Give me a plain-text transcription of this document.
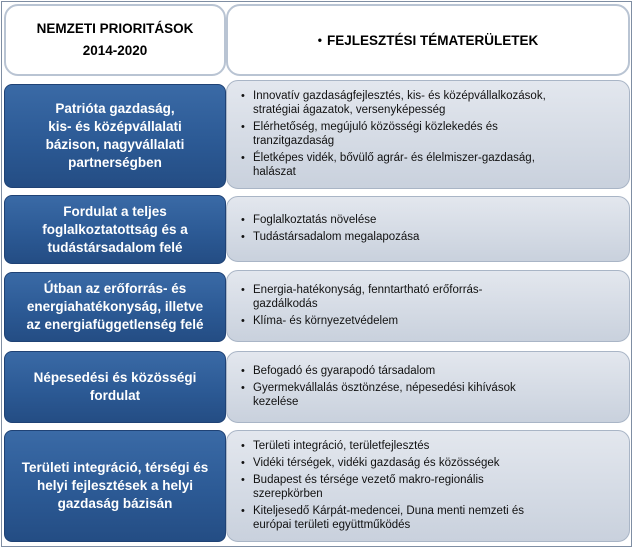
NEMZETI PRIORITÁSOK
2014-2020
• FEJLESZTÉSI TÉMATERÜLETEK
• Innovatív gazdaságfejlesztés, kis- és középvállalkozások,
stratégiai ágazatok, versenyképesség
• Elérhetőség, megújuló közösségi közlekedés és
tranzitgazdaság
• Életképes vidék, bővülő agrár- és élelmiszer-gazdaság,
halászat
Patrióta gazdaság,
kis- és középvállalati
bázison, nagyvállalati
partnerségben
• Foglalkoztatás növelése
• Tudástársadalom megalapozása
Fordulat a teljes
foglalkoztatottság és a
tudástársadalom felé
• Energia-hatékonyság, fenntartható erőforrás-
gazdálkodás
• Klíma- és környezetvédelem
Útban az erőforrás- és
energiahatékonyság, illetve
az energiafüggetlenség felé
• Befogadó és gyarapodó társadalom
• Gyermekvállalás ösztönzése, népesedési kihívások
kezelése
Népesedési és közösségi
fordulat
• Területi integráció, területfejlesztés
• Vidéki térségek, vidéki gazdaság és közösségek
• Budapest és térsége vezető makro-regionális
szerepkörben
• Kiteljesedő Kárpát-medencei, Duna menti nemzeti és
európai területi együttműködés
Területi integráció, térségi és
helyi fejlesztések a helyi
gazdaság bázisán
